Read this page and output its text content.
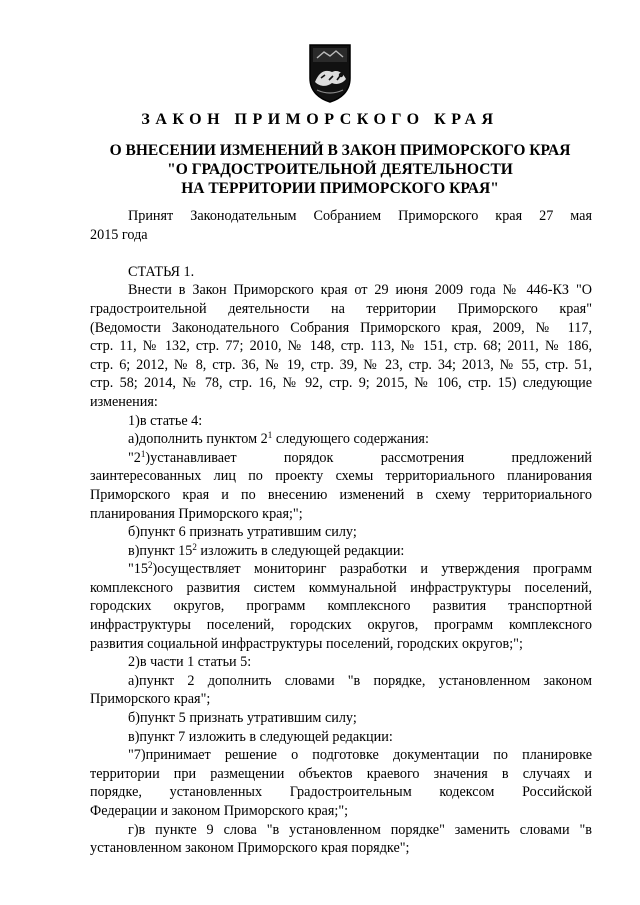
ЗАКОН ПРИМОРСКОГО КРАЯ
О ВНЕСЕНИИ ИЗМЕНЕНИЙ В ЗАКОН ПРИМОРСКОГО КРАЯ
"О ГРАДОСТРОИТЕЛЬНОЙ ДЕЯТЕЛЬНОСТИ
НА ТЕРРИТОРИИ ПРИМОРСКОГО КРАЯ"
Принят Законодательным Собранием Приморского края 27 мая
2015 года
СТАТЬЯ 1.
Внести в Закон Приморского края от 29 июня 2009 года № 446-КЗ "О
градостроительной деятельности на территории Приморского края"
(Ведомости Законодательного Собрания Приморского края, 2009, № 117,
стр. 11, № 132, стр. 77; 2010, № 148, стр. 113, № 151, стр. 68; 2011, № 186,
стр. 6; 2012, № 8, стр. 36, № 19, стр. 39, № 23, стр. 34; 2013, № 55, стр. 51,
стр. 58; 2014, № 78, стр. 16, № 92, стр. 9; 2015, № 106, стр. 15) следующие
изменения:
1)в статье 4:
а)дополнить пунктом $2^1$ следующего содержания:
"$2^1)устанавливает$ порядок рассмотрения предложений
заинтересованных лиц по проекту схемы территориального планирования
Приморского края и по внесению изменений в схему территориального
планирования Приморского края;";
б)пункт 6 признать утратившим силу;
в)пункт $15^2$ изложить в следующей редакции:
"$15^2)осуществляет$ мониторинг разработки и утверждения программ
комплексного развития систем коммунальной инфраструктуры поселений,
городских округов, программ комплексного развития транспортной
инфраструктуры поселений, городских округов, программ комплексного
развития социальной инфраструктуры поселений, городских округов;";
2)в части 1 статьи 5:
а)пункт 2 дополнить словами "в порядке, установленном законом
Приморского края";
б)пункт 5 признать утратившим силу;
в)пункт 7 изложить в следующей редакции:
"7)принимает решение о подготовке документации по планировке
территории при размещении объектов краевого значения в случаях и
порядке, установленных Градостроительным кодексом Российской
Федерации и законом Приморского края;";
г)в пункте 9 слова "в установленном порядке" заменить словами "в
установленном законом Приморского края порядке";
